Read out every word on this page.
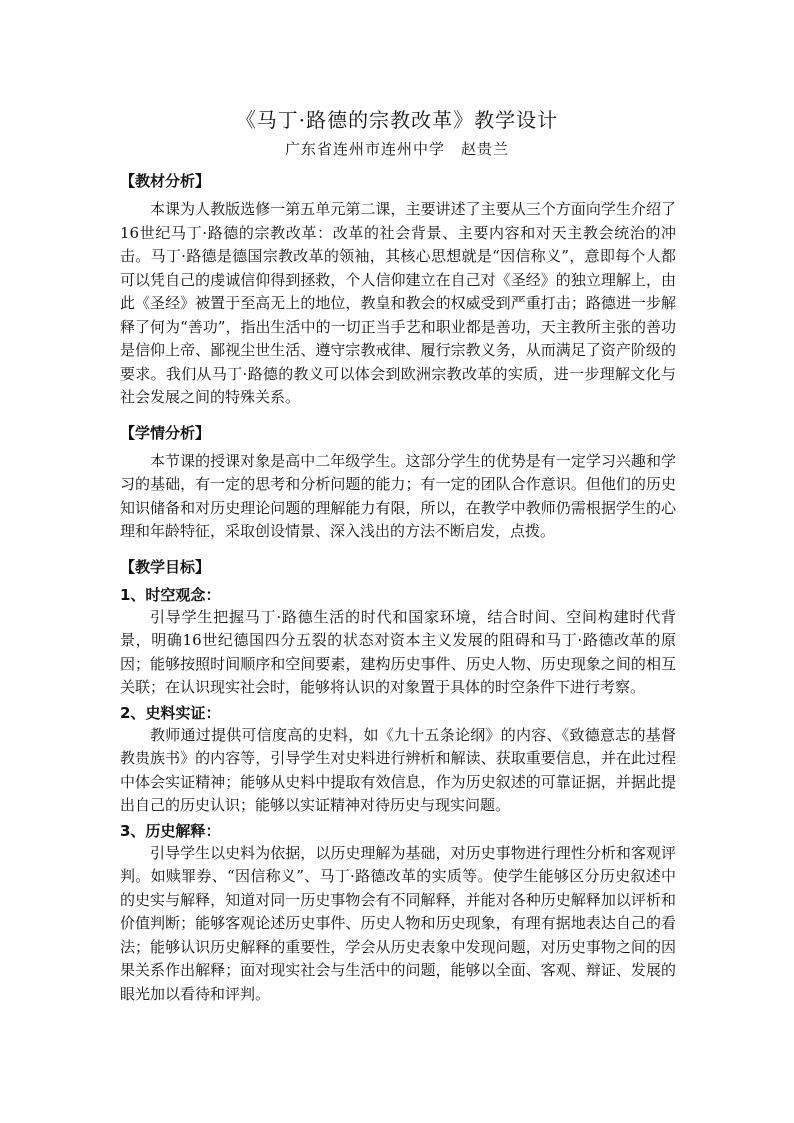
《马丁·路德的宗教改革》教学设计
广东省连州市连州中学　赵贵兰

【教材分析】

本课为人教版选修一第五单元第二课，主要讲述了主要从三个方面向学生介绍了16世纪马丁·路德的宗教改革：改革的社会背景、主要内容和对天主教会统治的冲击。马丁·路德是德国宗教改革的领袖，其核心思想就是“因信称义”，意即每个人都可以凭自己的虔诚信仰得到拯救，个人信仰建立在自己对《圣经》的独立理解上，由此《圣经》被置于至高无上的地位，教皇和教会的权威受到严重打击；路德进一步解释了何为“善功”，指出生活中的一切正当手艺和职业都是善功，天主教所主张的善功是信仰上帝、鄙视尘世生活、遵守宗教戒律、履行宗教义务，从而满足了资产阶级的要求。我们从马丁·路德的教义可以体会到欧洲宗教改革的实质，进一步理解文化与社会发展之间的特殊关系。

【学情分析】

本节课的授课对象是高中二年级学生。这部分学生的优势是有一定学习兴趣和学习的基础，有一定的思考和分析问题的能力；有一定的团队合作意识。但他们的历史知识储备和对历史理论问题的理解能力有限，所以，在教学中教师仍需根据学生的心理和年龄特征，采取创设情景、深入浅出的方法不断启发，点拨。

【教学目标】

1、时空观念：

引导学生把握马丁·路德生活的时代和国家环境，结合时间、空间构建时代背景，明确16世纪德国四分五裂的状态对资本主义发展的阻碍和马丁·路德改革的原因；能够按照时间顺序和空间要素，建构历史事件、历史人物、历史现象之间的相互关联；在认识现实社会时，能够将认识的对象置于具体的时空条件下进行考察。

2、史料实证：

教师通过提供可信度高的史料，如《九十五条论纲》的内容、《致德意志的基督教贵族书》的内容等，引导学生对史料进行辨析和解读、获取重要信息，并在此过程中体会实证精神；能够从史料中提取有效信息，作为历史叙述的可靠证据，并据此提出自己的历史认识；能够以实证精神对待历史与现实问题。

3、历史解释：

引导学生以史料为依据，以历史理解为基础，对历史事物进行理性分析和客观评判。如赎罪券、“因信称义”、马丁·路德改革的实质等。使学生能够区分历史叙述中的史实与解释，知道对同一历史事物会有不同解释，并能对各种历史解释加以评析和价值判断；能够客观论述历史事件、历史人物和历史现象，有理有据地表达自己的看法；能够认识历史解释的重要性，学会从历史表象中发现问题，对历史事物之间的因果关系作出解释；面对现实社会与生活中的问题，能够以全面、客观、辩证、发展的眼光加以看待和评判。
